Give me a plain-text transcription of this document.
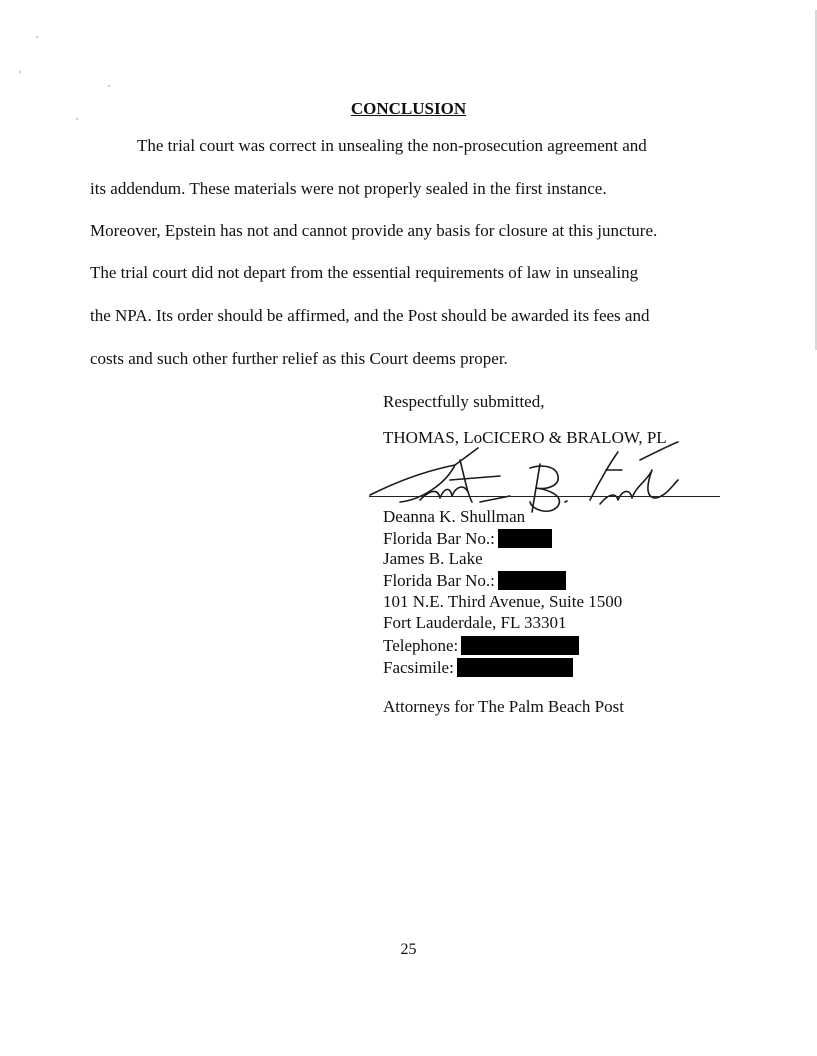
CONCLUSION
The trial court was correct in unsealing the non-prosecution agreement and
its addendum. These materials were not properly sealed in the first instance.
Moreover, Epstein has not and cannot provide any basis for closure at this juncture.
The trial court did not depart from the essential requirements of law in unsealing
the NPA. Its order should be affirmed, and the Post should be awarded its fees and
costs and such other further relief as this Court deems proper.
Respectfully submitted,
THOMAS, LoCICERO & BRALOW, PL
Deanna K. Shullman
Florida Bar No.:
James B. Lake
Florida Bar No.:
101 N.E. Third Avenue, Suite 1500
Fort Lauderdale, FL 33301
Telephone:
Facsimile:
Attorneys for The Palm Beach Post
25
